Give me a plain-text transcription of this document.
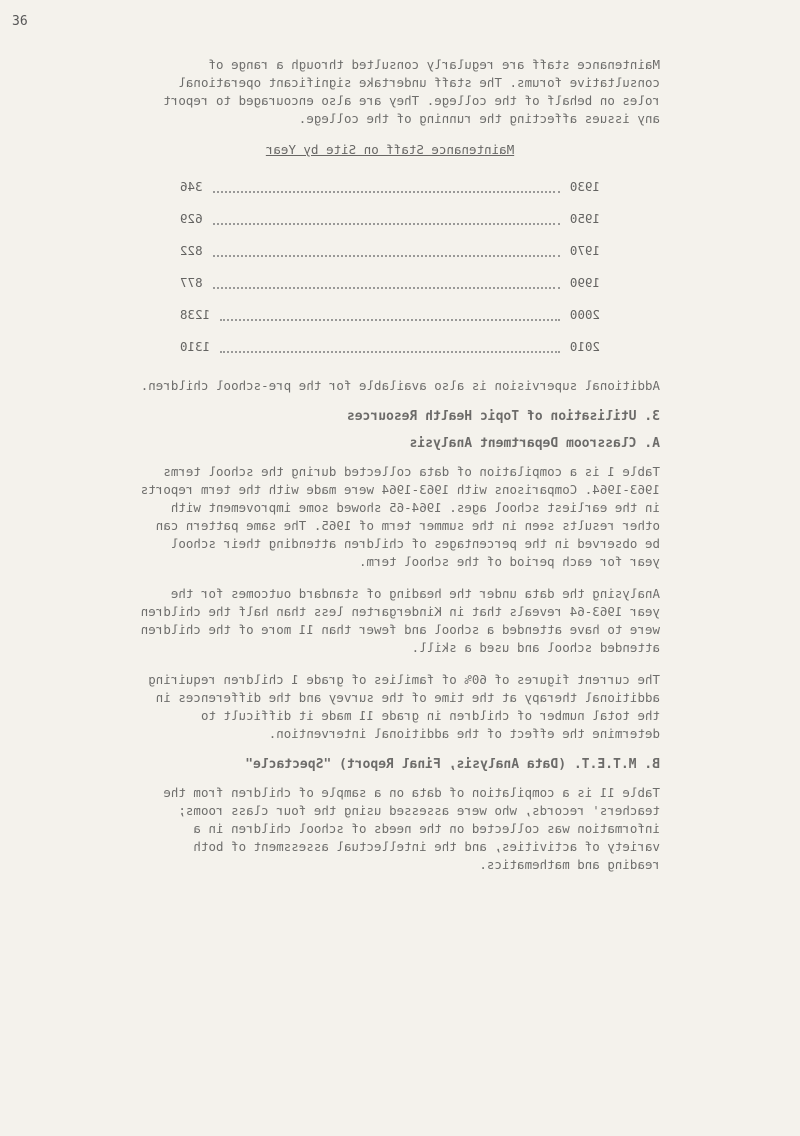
36

Maintenance staff are regularly consulted through a range of consultative forums. The staff undertake significant operational roles on behalf of the college. They are also encouraged to report any issues affecting the running of the college.

Maintenance Staff on Site by Year
1930
346
1950
629
1970
822
1990
877
2000
1238
2010
1310

Additional supervision is also available for the pre-school children.

3. Utilisation of Topic Health Resources
A. Classroom Department Analysis

Table 1 is a compilation of data collected during the school terms 1963-1964. Comparisons with 1963-1964 were made with the term reports in the earliest school ages. 1964-65 showed some improvement with other results seen in the summer term of 1965. The same pattern can be observed in the percentages of children attending their school year for each period of the school term.

Analysing the data under the heading of standard outcomes for the year 1963-64 reveals that in Kindergarten less than half the children were to have attended a school and fewer than 11 more of the children attended school and used a skill.

The current figures of 60% of families of grade 1 children requiring additional therapy at the time of the survey and the differences in the total number of children in grade 11 made it difficult to determine the effect of the additional intervention.

B. M.T.E.T. (Data Analysis, Final Report) "Spectacle"

Table 11 is a compilation of data on a sample of children from the teachers' records, who were assessed using the four class rooms; information was collected on the needs of school children in a variety of activities, and the intellectual assessment of both reading and mathematics.
